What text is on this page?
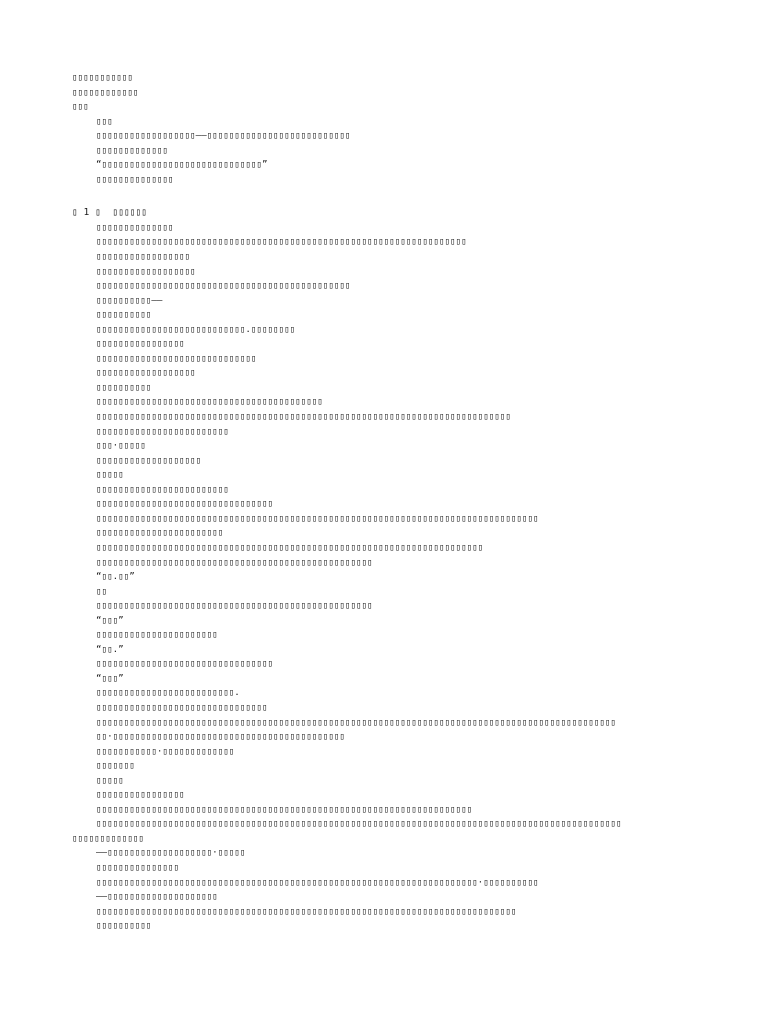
▯▯▯▯▯▯▯▯▯▯▯
▯▯▯▯▯▯▯▯▯▯▯▯
▯▯▯
▯▯▯
▯▯▯▯▯▯▯▯▯▯▯▯▯▯▯▯▯▯——▯▯▯▯▯▯▯▯▯▯▯▯▯▯▯▯▯▯▯▯▯▯▯▯▯▯
▯▯▯▯▯▯▯▯▯▯▯▯▯
“▯▯▯▯▯▯▯▯▯▯▯▯▯▯▯▯▯▯▯▯▯▯▯▯▯▯▯▯▯”
▯▯▯▯▯▯▯▯▯▯▯▯▯▯
▯ 1 ▯  ▯▯▯▯▯▯
▯▯▯▯▯▯▯▯▯▯▯▯▯▯
▯▯▯▯▯▯▯▯▯▯▯▯▯▯▯▯▯▯▯▯▯▯▯▯▯▯▯▯▯▯▯▯▯▯▯▯▯▯▯▯▯▯▯▯▯▯▯▯▯▯▯▯▯▯▯▯▯▯▯▯▯▯▯▯▯▯▯
▯▯▯▯▯▯▯▯▯▯▯▯▯▯▯▯▯
▯▯▯▯▯▯▯▯▯▯▯▯▯▯▯▯▯▯
▯▯▯▯▯▯▯▯▯▯▯▯▯▯▯▯▯▯▯▯▯▯▯▯▯▯▯▯▯▯▯▯▯▯▯▯▯▯▯▯▯▯▯▯▯▯
▯▯▯▯▯▯▯▯▯▯——
▯▯▯▯▯▯▯▯▯▯
▯▯▯▯▯▯▯▯▯▯▯▯▯▯▯▯▯▯▯▯▯▯▯▯▯▯▯.▯▯▯▯▯▯▯▯
▯▯▯▯▯▯▯▯▯▯▯▯▯▯▯▯
▯▯▯▯▯▯▯▯▯▯▯▯▯▯▯▯▯▯▯▯▯▯▯▯▯▯▯▯▯
▯▯▯▯▯▯▯▯▯▯▯▯▯▯▯▯▯▯
▯▯▯▯▯▯▯▯▯▯
▯▯▯▯▯▯▯▯▯▯▯▯▯▯▯▯▯▯▯▯▯▯▯▯▯▯▯▯▯▯▯▯▯▯▯▯▯▯▯▯▯
▯▯▯▯▯▯▯▯▯▯▯▯▯▯▯▯▯▯▯▯▯▯▯▯▯▯▯▯▯▯▯▯▯▯▯▯▯▯▯▯▯▯▯▯▯▯▯▯▯▯▯▯▯▯▯▯▯▯▯▯▯▯▯▯▯▯▯▯▯▯▯▯▯▯▯
▯▯▯▯▯▯▯▯▯▯▯▯▯▯▯▯▯▯▯▯▯▯▯▯
▯▯▯·▯▯▯▯▯
▯▯▯▯▯▯▯▯▯▯▯▯▯▯▯▯▯▯▯
▯▯▯▯▯
▯▯▯▯▯▯▯▯▯▯▯▯▯▯▯▯▯▯▯▯▯▯▯▯
▯▯▯▯▯▯▯▯▯▯▯▯▯▯▯▯▯▯▯▯▯▯▯▯▯▯▯▯▯▯▯▯
▯▯▯▯▯▯▯▯▯▯▯▯▯▯▯▯▯▯▯▯▯▯▯▯▯▯▯▯▯▯▯▯▯▯▯▯▯▯▯▯▯▯▯▯▯▯▯▯▯▯▯▯▯▯▯▯▯▯▯▯▯▯▯▯▯▯▯▯▯▯▯▯▯▯▯▯▯▯▯▯
▯▯▯▯▯▯▯▯▯▯▯▯▯▯▯▯▯▯▯▯▯▯▯
▯▯▯▯▯▯▯▯▯▯▯▯▯▯▯▯▯▯▯▯▯▯▯▯▯▯▯▯▯▯▯▯▯▯▯▯▯▯▯▯▯▯▯▯▯▯▯▯▯▯▯▯▯▯▯▯▯▯▯▯▯▯▯▯▯▯▯▯▯▯
▯▯▯▯▯▯▯▯▯▯▯▯▯▯▯▯▯▯▯▯▯▯▯▯▯▯▯▯▯▯▯▯▯▯▯▯▯▯▯▯▯▯▯▯▯▯▯▯▯▯
“▯▯.▯▯”
▯▯
▯▯▯▯▯▯▯▯▯▯▯▯▯▯▯▯▯▯▯▯▯▯▯▯▯▯▯▯▯▯▯▯▯▯▯▯▯▯▯▯▯▯▯▯▯▯▯▯▯▯
“▯▯▯”
▯▯▯▯▯▯▯▯▯▯▯▯▯▯▯▯▯▯▯▯▯▯
“▯▯.”
▯▯▯▯▯▯▯▯▯▯▯▯▯▯▯▯▯▯▯▯▯▯▯▯▯▯▯▯▯▯▯▯
“▯▯▯”
▯▯▯▯▯▯▯▯▯▯▯▯▯▯▯▯▯▯▯▯▯▯▯▯▯.
▯▯▯▯▯▯▯▯▯▯▯▯▯▯▯▯▯▯▯▯▯▯▯▯▯▯▯▯▯▯▯
▯▯▯▯▯▯▯▯▯▯▯▯▯▯▯▯▯▯▯▯▯▯▯▯▯▯▯▯▯▯▯▯▯▯▯▯▯▯▯▯▯▯▯▯▯▯▯▯▯▯▯▯▯▯▯▯▯▯▯▯▯▯▯▯▯▯▯▯▯▯▯▯▯▯▯▯▯▯▯▯▯▯▯▯▯▯▯▯▯▯▯▯▯▯
▯▯·▯▯▯▯▯▯▯▯▯▯▯▯▯▯▯▯▯▯▯▯▯▯▯▯▯▯▯▯▯▯▯▯▯▯▯▯▯▯▯▯▯▯
▯▯▯▯▯▯▯▯▯▯▯·▯▯▯▯▯▯▯▯▯▯▯▯▯
▯▯▯▯▯▯▯
▯▯▯▯▯
▯▯▯▯▯▯▯▯▯▯▯▯▯▯▯▯
▯▯▯▯▯▯▯▯▯▯▯▯▯▯▯▯▯▯▯▯▯▯▯▯▯▯▯▯▯▯▯▯▯▯▯▯▯▯▯▯▯▯▯▯▯▯▯▯▯▯▯▯▯▯▯▯▯▯▯▯▯▯▯▯▯▯▯▯
▯▯▯▯▯▯▯▯▯▯▯▯▯▯▯▯▯▯▯▯▯▯▯▯▯▯▯▯▯▯▯▯▯▯▯▯▯▯▯▯▯▯▯▯▯▯▯▯▯▯▯▯▯▯▯▯▯▯▯▯▯▯▯▯▯▯▯▯▯▯▯▯▯▯▯▯▯▯▯▯▯▯▯▯▯▯▯▯▯▯▯▯▯▯▯
▯▯▯▯▯▯▯▯▯▯▯▯▯
——▯▯▯▯▯▯▯▯▯▯▯▯▯▯▯▯▯▯▯·▯▯▯▯▯
▯▯▯▯▯▯▯▯▯▯▯▯▯▯▯
▯▯▯▯▯▯▯▯▯▯▯▯▯▯▯▯▯▯▯▯▯▯▯▯▯▯▯▯▯▯▯▯▯▯▯▯▯▯▯▯▯▯▯▯▯▯▯▯▯▯▯▯▯▯▯▯▯▯▯▯▯▯▯▯▯▯▯▯▯·▯▯▯▯▯▯▯▯▯▯
——▯▯▯▯▯▯▯▯▯▯▯▯▯▯▯▯▯▯▯▯
▯▯▯▯▯▯▯▯▯▯▯▯▯▯▯▯▯▯▯▯▯▯▯▯▯▯▯▯▯▯▯▯▯▯▯▯▯▯▯▯▯▯▯▯▯▯▯▯▯▯▯▯▯▯▯▯▯▯▯▯▯▯▯▯▯▯▯▯▯▯▯▯▯▯▯▯
▯▯▯▯▯▯▯▯▯▯
